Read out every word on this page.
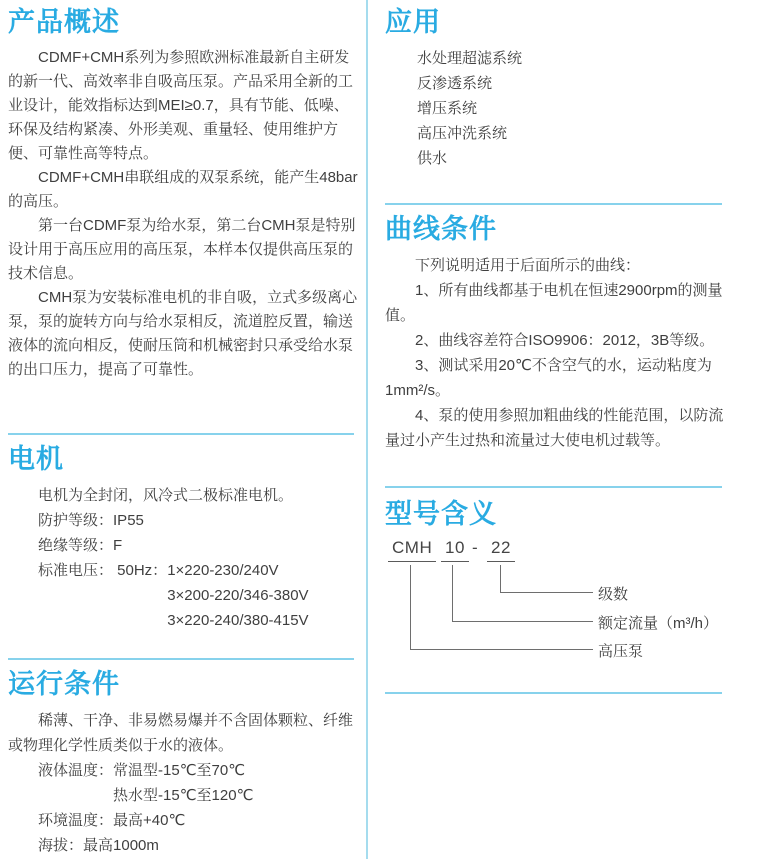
产品概述

CDMF+CMH系列为参照欧洲标准最新自主研发的新一代、高效率非自吸高压泵。产品采用全新的工业设计，能效指标达到MEI≥0.7，具有节能、低噪、环保及结构紧凑、外形美观、重量轻、使用维护方便、可靠性高等特点。

CDMF+CMH串联组成的双泵系统，能产生48bar的高压。

第一台CDMF泵为给水泵，第二台CMH泵是特别设计用于高压应用的高压泵，本样本仅提供高压泵的技术信息。

CMH泵为安装标准电机的非自吸，立式多级离心泵，泵的旋转方向与给水泵相反，流道腔反置，输送液体的流向相反，使耐压筒和机械密封只承受给水泵的出口压力，提高了可靠性。

电机
电机为全封闭，风冷式二极标准电机。
防护等级： IP55
绝缘等级： F
标准电压： 50Hz： 1×220-230/240V
3×200-220/346-380V
3×220-240/380-415V
运行条件

稀薄、干净、非易燃易爆并不含固体颗粒、纤维或物理化学性质类似于水的液体。

液体温度： 常温型-15℃至70℃
热水型-15℃至120℃
环境温度： 最高+40℃
海拔： 最高1000m
应用
水处理超滤系统
反渗透系统
增压系统
高压冲洗系统
供水
曲线条件

下列说明适用于后面所示的曲线：

1、所有曲线都基于电机在恒速2900rpm的测量值。

2、曲线容差符合ISO9906：2012，3B等级。

3、测试采用20℃不含空气的水，运动粘度为1mm²/s。

4、泵的使用参照加粗曲线的性能范围，以防流量过小产生过热和流量过大使电机过载等。

型号含义
CMH 10 - 22
级数
额定流量（m³/h）
高压泵
